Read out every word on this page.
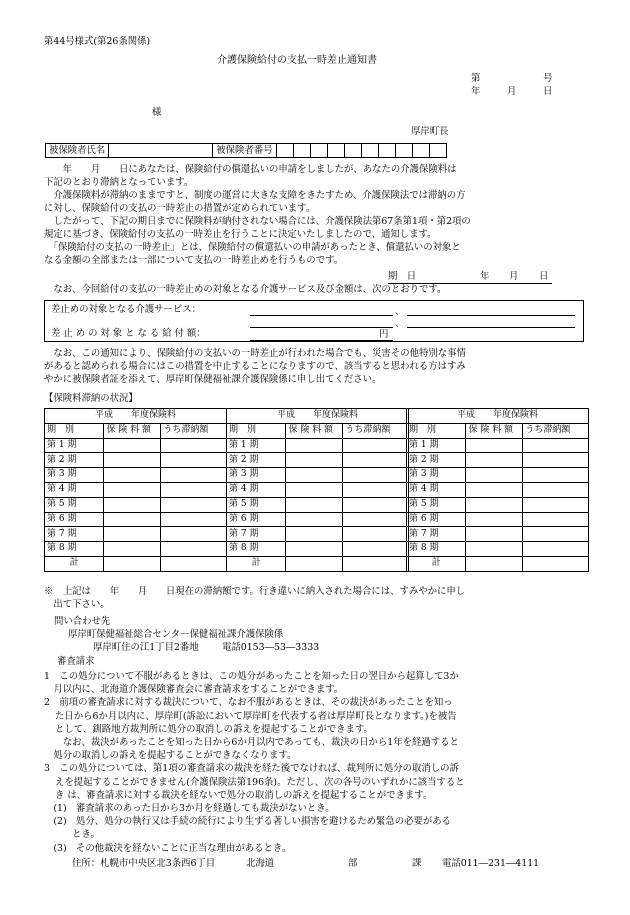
第44号様式(第26条関係)
介護保険給付の支払一時差止通知書
第	号
年	月	日
様
厚岸町長
被保険者氏名		被保険者番号										
　　年　　月　　日にあなたは、保険給付の償還払いの申請をしましたが、あなたの介護保険料は
下記のとおり滞納となっています。
　介護保険料が滞納のままですと、制度の運営に大きな支障をきたすため、介護保険法では滞納の方
に対し、保険給付の支払の一時差止の措置が定められています。
　したがって、下記の期日までに保険料が納付されない場合には、介護保険法第67条第1項・第2項の
規定に基づき、保険給付の支払の一時差止を行うことに決定いたしましたので、通知します。
　「保険給付の支払の一時差止」とは、保険給付の償還払いの申請があったとき、償還払いの対象と
なる金額の全部または一部について支払の一時差止めを行うものです。
期　日	年 月 日
　なお、今回給付の支払の一時差止めの対象となる介護サービス及び金額は、次のとおりです。
差止めの対象となる介護サービス：	、
、
差 止 め の 対 象 と な る 給 付 額：	円
　なお、この通知により、保険給付の支払いの一時差止が行われた場合でも、災害その他特別な事情
があると認められる場合にはこの措置を中止することになりますので、該当すると思われる方はすみ
やかに被保険者証を添えて、厚岸町保健福祉課介護保険係に申し出てください。
【保険料滞納の状況】
平成　　年度保険料		
期　別	保 険 料 額	うち滞納額
第 1 期		
第 2 期		
第 3 期		
第 4 期		
第 5 期		
第 6 期		
第 7 期		
第 8 期		
計		
平成　　年度保険料		
期　別	保 険 料 額	うち滞納額
第 1 期		
第 2 期		
第 3 期		
第 4 期		
第 5 期		
第 6 期		
第 7 期		
第 8 期		
計		
平成　　年度保険料		
期　別	保 険 料 額	うち滞納額
第 1 期		
第 2 期		
第 3 期		
第 4 期		
第 5 期		
第 6 期		
第 7 期		
第 8 期		
計		
※　上記は　　年　　月　　日現在の滞納額です。行き違いに納入された場合には、すみやかに申し
　出て下さい。
問い合わせ先
厚岸町保健福祉総合センター保健福祉課介護保険係
厚岸町住の江1丁目2番地 電話0153―53―3333
審査請求
1　この処分について不服があるときは、この処分があったことを知った日の翌日から起算して3か
　月以内に、北海道介護保険審査会に審査請求をすることができます。
2　前項の審査請求に対する裁決について、なお不服があるときは、その裁決があったことを知っ
た日から6か月以内に、厚岸町(訴訟において厚岸町を代表する者は厚岸町長となります。)を被告
として、釧路地方裁判所に処分の取消しの訴えを提起することができます。
　　なお、裁決があったことを知った日から6か月以内であっても、裁決の日から1年を経過すると
　処分の取消しの訴えを提起することができなくなります。
3　この処分については、第1項の審査請求の裁決を経た後でなければ、裁判所に処分の取消しの訴
えを提起することができません(介護保険法第196条)。ただし、次の各号のいずれかに該当すると
き は、審査請求に対する裁決を経ないで処分の取消しの訴えを提起することができます。
　(1)　審査請求のあった日から3か月を経過しても裁決がないとき。
　(2)　処分、処分の執行又は手続の続行により生ずる著しい損害を避けるため緊急の必要がある
　　　とき。
　(3)　その他裁決を経ないことに正当な理由があるとき。
住所：札幌市中央区北3条西6丁目	北海道	部	課 電話011―231―4111
